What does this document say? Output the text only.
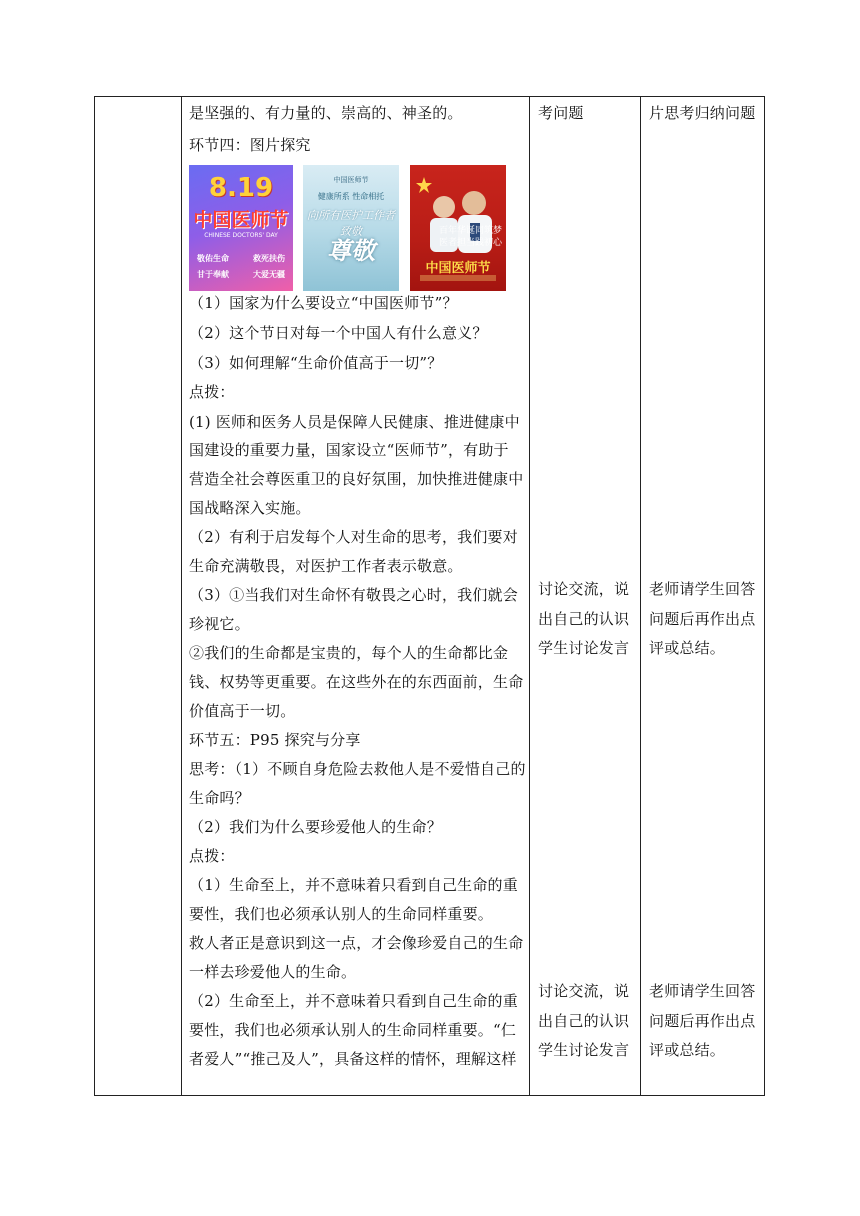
是坚强的、有力量的、崇高的、神圣的。
环节四：图片探究
8.19
中国医师节
CHINESE DOCTORS' DAY
敬佑生命	救死扶伤
甘于奉献	大爱无疆
中国医师节
健康所系 性命相托
向所有医护工作者致敬
尊敬
百年华诞同筑梦
医者担当践初心
中国医师节
（1）国家为什么要设立“中国医师节”？
（2）这个节日对每一个中国人有什么意义？
（3）如何理解“生命价值高于一切”？
点拨：
(1) 医师和医务人员是保障人民健康、推进健康中
国建设的重要力量，国家设立“医师节”，有助于
营造全社会尊医重卫的良好氛围，加快推进健康中
国战略深入实施。
（2）有利于启发每个人对生命的思考，我们要对
生命充满敬畏，对医护工作者表示敬意。
（3）①当我们对生命怀有敬畏之心时，我们就会
珍视它。
②我们的生命都是宝贵的，每个人的生命都比金
钱、权势等更重要。在这些外在的东西面前，生命
价值高于一切。
环节五：P95 探究与分享
思考：（1）不顾自身危险去救他人是不爱惜自己的
生命吗？
（2）我们为什么要珍爱他人的生命？
点拨：
（1）生命至上，并不意味着只看到自己生命的重
要性，我们也必须承认别人的生命同样重要。
救人者正是意识到这一点，才会像珍爱自己的生命
一样去珍爱他人的生命。
（2）生命至上，并不意味着只看到自己生命的重
要性，我们也必须承认别人的生命同样重要。“仁
者爱人”“推己及人”，具备这样的情怀，理解这样
考问题
讨论交流，说
出自己的认识
学生讨论发言
讨论交流，说
出自己的认识
学生讨论发言
片思考归纳问题
老师请学生回答
问题后再作出点
评或总结。
老师请学生回答
问题后再作出点
评或总结。
